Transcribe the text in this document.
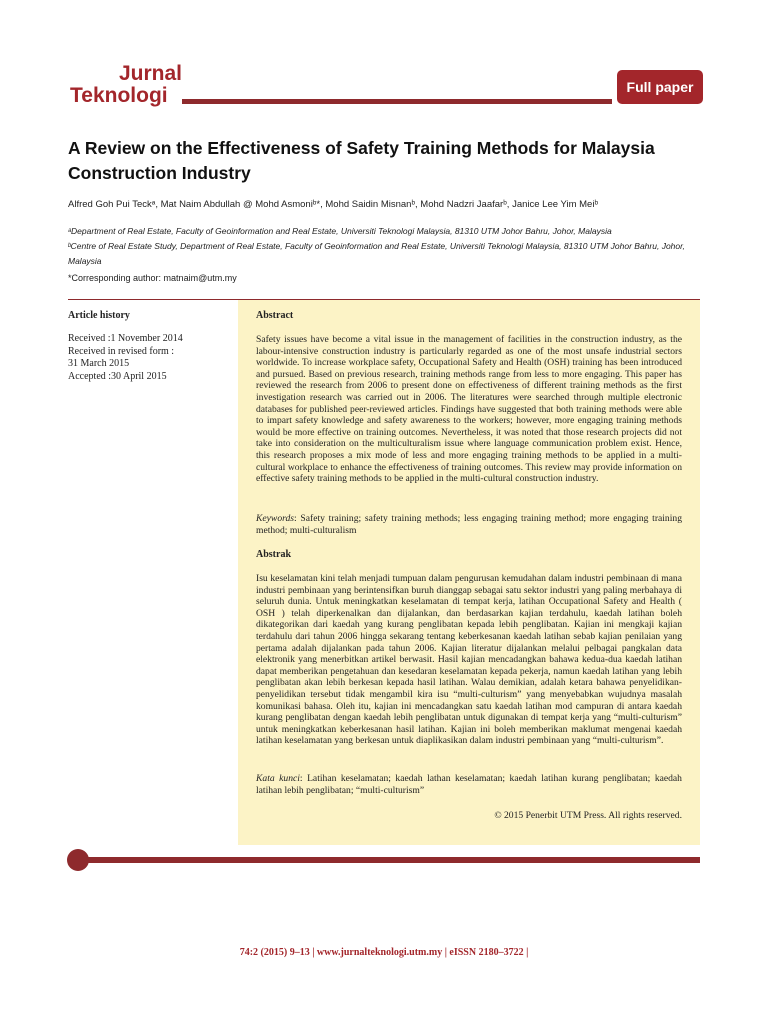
Jurnal
Teknologi	Full paper
A Review on the Effectiveness of Safety Training Methods for Malaysia Construction Industry
Alfred Goh Pui Teckᵃ, Mat Naim Abdullah @ Mohd Asmoniᵇ*, Mohd Saidin Misnanᵇ, Mohd Nadzri Jaafarᵇ, Janice Lee Yim Meiᵇ
ᵃDepartment of Real Estate, Faculty of Geoinformation and Real Estate, Universiti Teknologi Malaysia, 81310 UTM Johor Bahru, Johor, Malaysia
ᵇCentre of Real Estate Study, Department of Real Estate, Faculty of Geoinformation and Real Estate, Universiti Teknologi Malaysia, 81310 UTM Johor Bahru, Johor, Malaysia
*Corresponding author: matnaim@utm.my
Article history
Received :1 November 2014
Received in revised form :
31 March 2015
Accepted :30 April 2015
Abstract
Safety issues have become a vital issue in the management of facilities in the construction industry, as the labour-intensive construction industry is particularly regarded as one of the most unsafe industrial sectors worldwide. To increase workplace safety, Occupational Safety and Health (OSH) training has been introduced and pursued. Based on previous research, training methods range from less to more engaging. This paper has reviewed the research from 2006 to present done on effectiveness of different training methods as the first investigation research was carried out in 2006. The literatures were searched through multiple electronic databases for published peer-reviewed articles. Findings have suggested that both training methods were able to impart safety knowledge and safety awareness to the workers; however, more engaging training methods would be more effective on training outcomes. Nevertheless, it was noted that those research projects did not take into consideration on the multiculturalism issue where language communication problem exist. Hence, this research proposes a mix mode of less and more engaging training methods to be applied in a multi-cultural workplace to enhance the effectiveness of training outcomes. This review may provide information on effective safety training methods to be applied in the multi-cultural construction industry.
Keywords: Safety training; safety training methods; less engaging training method; more engaging training method; multi-culturalism
Abstrak
Isu keselamatan kini telah menjadi tumpuan dalam pengurusan kemudahan dalam industri pembinaan di mana industri pembinaan yang berintensifkan buruh dianggap sebagai satu sektor industri yang paling merbahaya di seluruh dunia. Untuk meningkatkan keselamatan di tempat kerja, latihan Occupational Safety and Health ( OSH ) telah diperkenalkan dan dijalankan, dan berdasarkan kajian terdahulu, kaedah latihan boleh dikategorikan dari kaedah yang kurang penglibatan kepada lebih penglibatan. Kajian ini mengkaji kajian terdahulu dari tahun 2006 hingga sekarang tentang keberkesanan kaedah latihan sebab kajian penilaian yang pertama adalah dijalankan pada tahun 2006. Kajian literatur dijalankan melalui pelbagai pangkalan data elektronik yang menerbitkan artikel berwasit. Hasil kajian mencadangkan bahawa kedua-dua kaedah latihan dapat memberikan pengetahuan dan kesedaran keselamatan kepada pekerja, namun kaedah latihan yang lebih penglibatan akan lebih berkesan kepada hasil latihan. Walau demikian, adalah ketara bahawa penyelidikan-penyelidikan tersebut tidak mengambil kira isu “multi-culturism” yang menyebabkan wujudnya masalah komunikasi bahasa. Oleh itu, kajian ini mencadangkan satu kaedah latihan mod campuran di antara kaedah kurang penglibatan dengan kaedah lebih penglibatan untuk digunakan di tempat kerja yang “multi-culturism” untuk meningkatkan keberkesanan hasil latihan. Kajian ini boleh memberikan maklumat mengenai kaedah latihan keselamatan yang berkesan untuk diaplikasikan dalam industri pembinaan yang “multi-culturism”.
Kata kunci: Latihan keselamatan; kaedah lathan keselamatan; kaedah latihan kurang penglibatan; kaedah latihan lebih penglibatan; “multi-culturism”
© 2015 Penerbit UTM Press. All rights reserved.
74:2 (2015) 9–13 | www.jurnalteknologi.utm.my | eISSN 2180–3722 |
